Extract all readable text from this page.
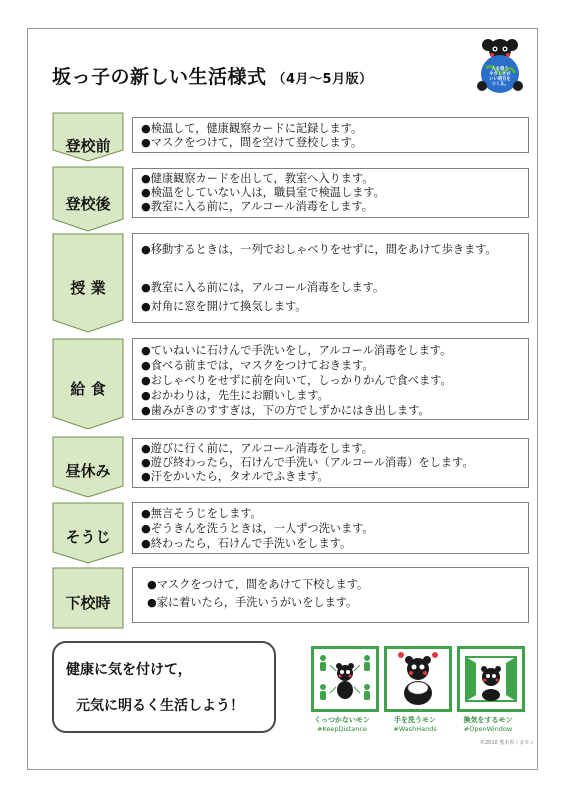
坂っ子の新しい生活様式 （4月～5月版）
人を想う
やさしさが
いい明日を
つくる。
登校前
●検温して，健康観察カードに記録します。
●マスクをつけて，間を空けて登校します。
登校後
●健康観察カードを出して，教室へ入ります。
●検温をしていない人は，職員室で検温します。
●教室に入る前に，アルコール消毒をします。
授 業
●移動するときは，一列でおしゃべりをせずに，間をあけて歩きます。
●教室に入る前には，アルコール消毒をします。
●対角に窓を開けて換気します。
給 食
●ていねいに石けんで手洗いをし，アルコール消毒をします。
●食べる前までは，マスクをつけておきます。
●おしゃべりをせずに前を向いて，しっかりかんで食べます。
●おかわりは，先生にお願いします。
●歯みがきのすすぎは，下の方でしずかにはき出します。
昼休み
●遊びに行く前に，アルコール消毒をします。
●遊び終わったら，石けんで手洗い（アルコール消毒）をします。
●汗をかいたら，タオルでふきます。
そうじ
●無言そうじをします。
●ぞうきんを洗うときは，一人ずつ洗います。
●終わったら，石けんで手洗いをします。
下校時
●マスクをつけて，間をあけて下校します。
●家に着いたら，手洗いうがいをします。
健康に気を付けて，
元気に明るく生活しよう！
くっつかないモン
#KeepDistance
手を洗うモン
#WashHands
換気をするモン
#OpenWindow
©2010 熊本県くまモン
